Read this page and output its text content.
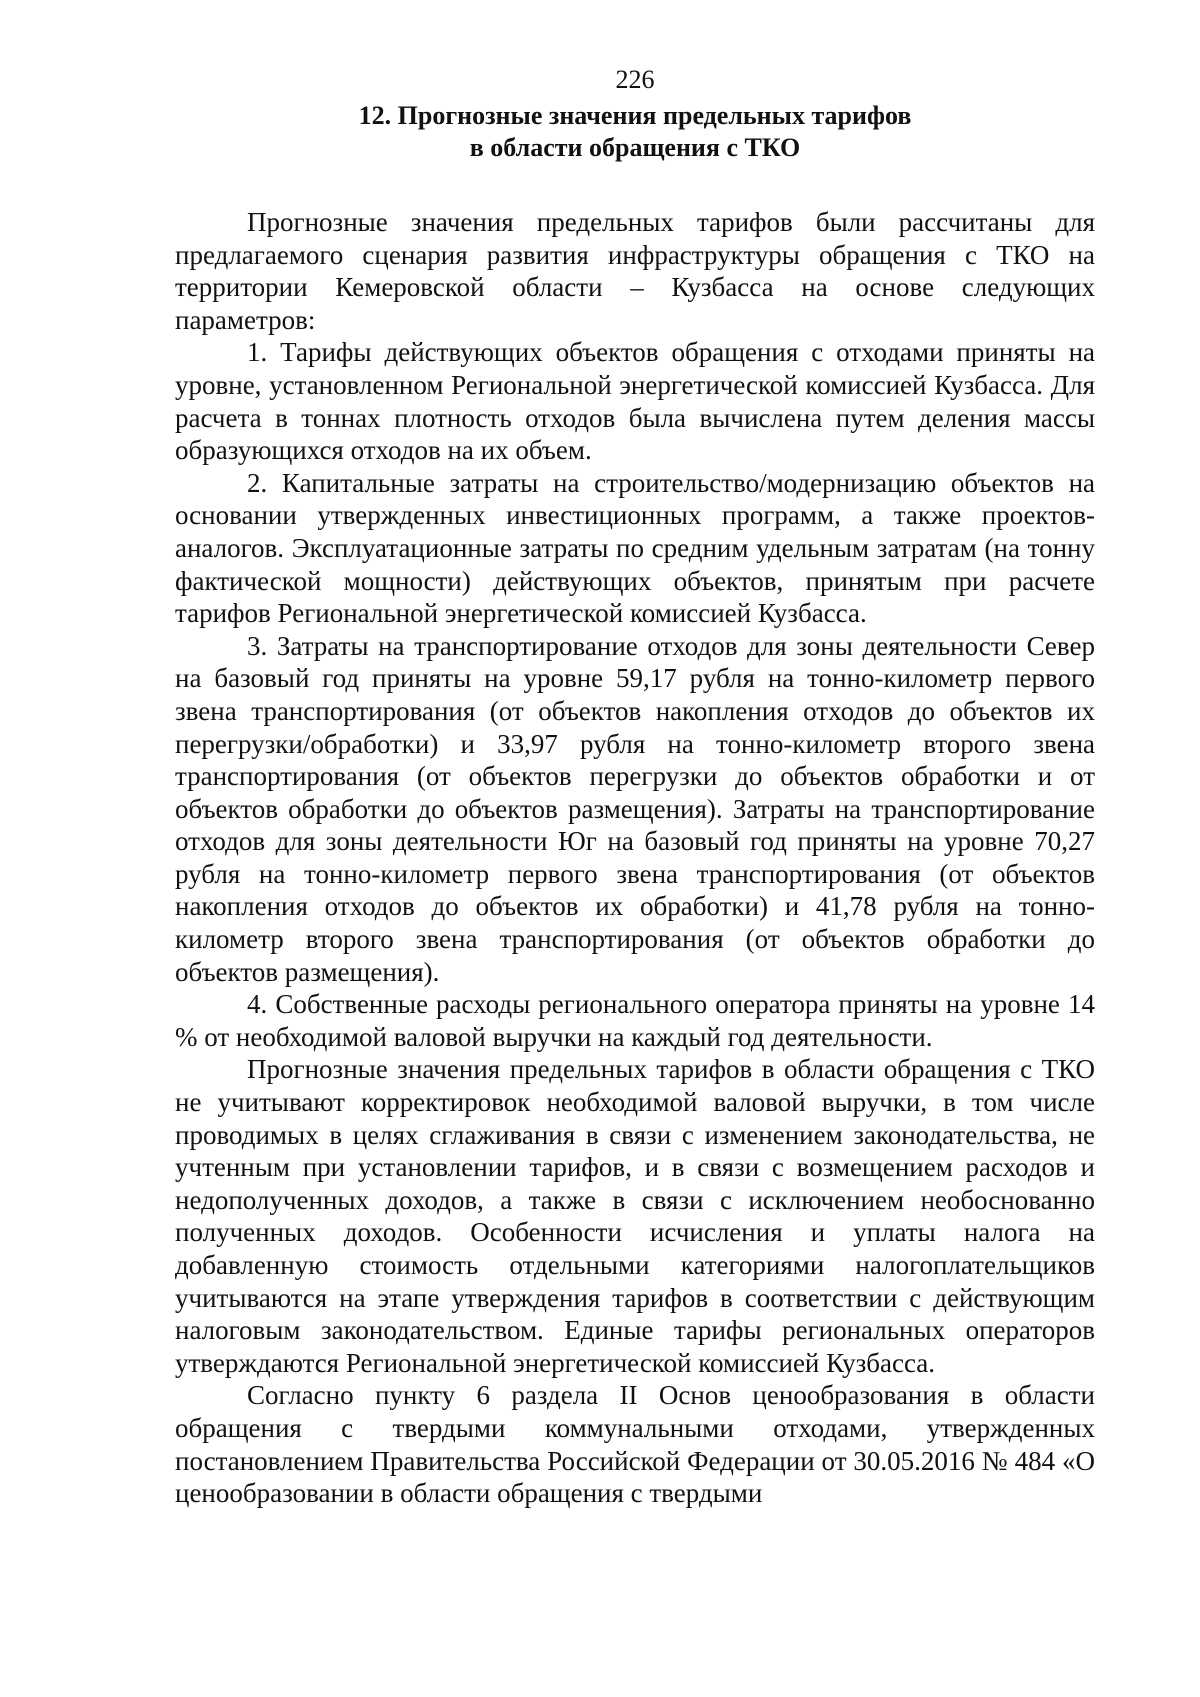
226
12. Прогнозные значения предельных тарифов
в области обращения с ТКО

Прогнозные значения предельных тарифов были рассчитаны для предлагаемого сценария развития инфраструктуры обращения с ТКО на территории Кемеровской области – Кузбасса на основе следующих параметров:

1. Тарифы действующих объектов обращения с отходами приняты на уровне, установленном Региональной энергетической комиссией Кузбасса. Для расчета в тоннах плотность отходов была вычислена путем деления массы образующихся отходов на их объем.

2. Капитальные затраты на строительство/модернизацию объектов на основании утвержденных инвестиционных программ, а также проектов-аналогов. Эксплуатационные затраты по средним удельным затратам (на тонну фактической мощности) действующих объектов, принятым при расчете тарифов Региональной энергетической комиссией Кузбасса.

3. Затраты на транспортирование отходов для зоны деятельности Север на базовый год приняты на уровне 59,17 рубля на тонно-километр первого звена транспортирования (от объектов накопления отходов до объектов их перегрузки/обработки) и 33,97 рубля на тонно-километр второго звена транспортирования (от объектов перегрузки до объектов обработки и от объектов обработки до объектов размещения). Затраты на транспортирование отходов для зоны деятельности Юг на базовый год приняты на уровне 70,27 рубля на тонно-километр первого звена транспортирования (от объектов накопления отходов до объектов их обработки) и 41,78 рубля на тонно-километр второго звена транспортирования (от объектов обработки до объектов размещения).

4. Собственные расходы регионального оператора приняты на уровне 14 % от необходимой валовой выручки на каждый год деятельности.

Прогнозные значения предельных тарифов в области обращения с ТКО не учитывают корректировок необходимой валовой выручки, в том числе проводимых в целях сглаживания в связи с изменением законодательства, не учтенным при установлении тарифов, и в связи с возмещением расходов и недополученных доходов, а также в связи с исключением необоснованно полученных доходов. Особенности исчисления и уплаты налога на добавленную стоимость отдельными категориями налогоплательщиков учитываются на этапе утверждения тарифов в соответствии с действующим налоговым законодательством. Единые тарифы региональных операторов утверждаются Региональной энергетической комиссией Кузбасса.

Согласно пункту 6 раздела II Основ ценообразования в области обращения с твердыми коммунальными отходами, утвержденных постановлением Правительства Российской Федерации от 30.05.2016 № 484 «О ценообразовании в области обращения с твердыми
